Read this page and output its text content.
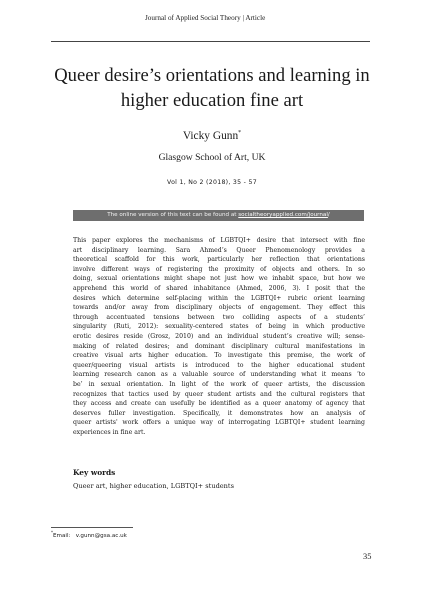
Journal of Applied Social Theory | Article
Queer desire’s orientations and learning in
higher education fine art
Vicky Gunn*
Glasgow School of Art, UK
Vol 1, No 2 (2018), 35 - 57
The online version of this text can be found at socialtheoryapplied.com/journal/
This paper explores the mechanisms of LGBTQI+ desire that intersect with fine
art disciplinary learning. Sara Ahmed’s Queer Phenomenology provides a
theoretical scaffold for this work, particularly her reflection that orientations
involve different ways of registering the proximity of objects and others. In so
doing, sexual orientations might shape not just how we inhabit space, but how we
apprehend this world of shared inhabitance (Ahmed, 2006, 3). I posit that the
desires which determine self-placing within the LGBTQI+ rubric orient learning
towards and/or away from disciplinary objects of engagement. They effect this
through accentuated tensions between two colliding aspects of a students’
singularity (Ruti, 2012): sexuality-centered states of being in which productive
erotic desires reside (Grosz, 2010) and an individual student’s creative will; sense-
making of related desires; and dominant disciplinary cultural manifestations in
creative visual arts higher education. To investigate this premise, the work of
queer/queering visual artists is introduced to the higher educational student
learning research canon as a valuable source of understanding what it means ‘to
be’ in sexual orientation. In light of the work of queer artists, the discussion
recognizes that tactics used by queer student artists and the cultural registers that
they access and create can usefully be identified as a queer anatomy of agency that
deserves fuller investigation. Specifically, it demonstrates how an analysis of
queer artists' work offers a unique way of interrogating LGBTQI+ student learning
experiences in fine art.
Key words
Queer art, higher education, LGBTQI+ students
*Email: v.gunn@gsa.ac.uk
35
